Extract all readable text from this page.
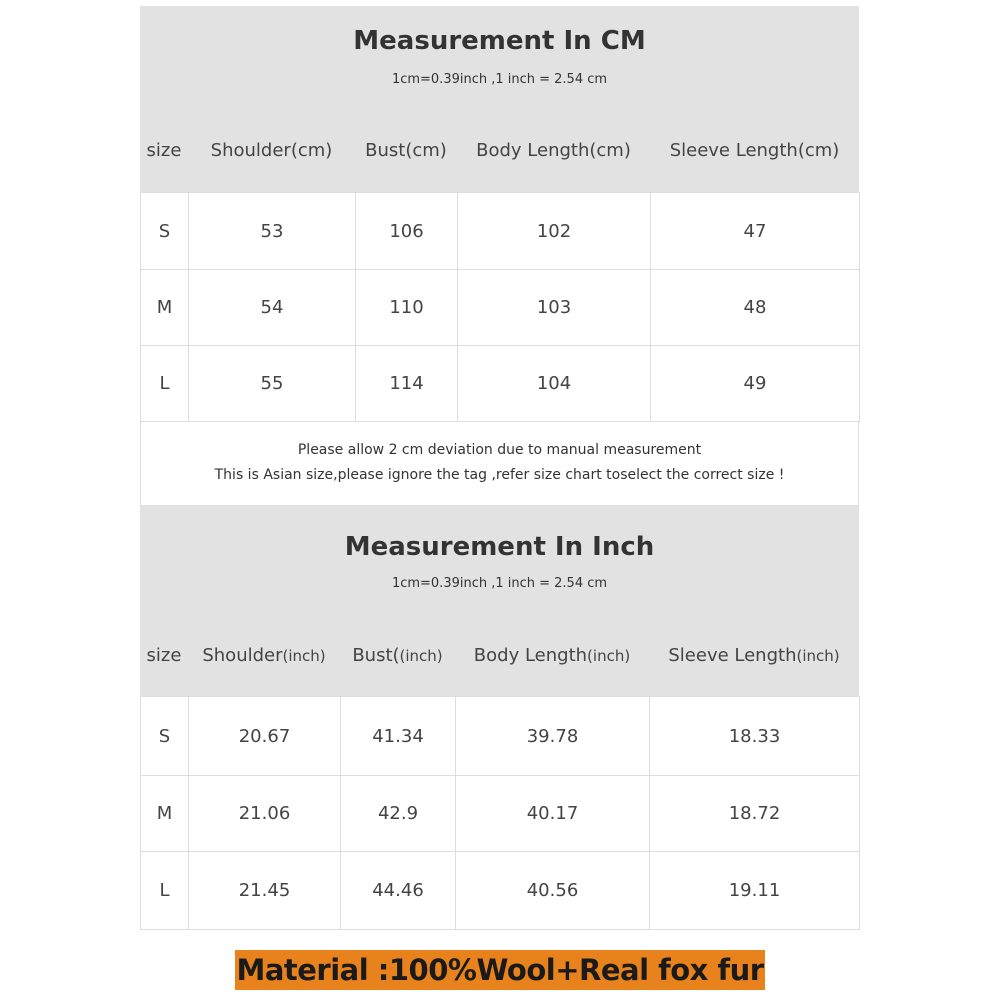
Measurement In CM
1cm=0.39inch ,1 inch = 2.54 cm
size	Shoulder(cm)	Bust(cm)	Body Length(cm)	Sleeve Length(cm)
S	53	106	102	47
M	54	110	103	48
L	55	114	104	49
Please allow 2 cm deviation due to manual measurement
This is Asian size,please ignore the tag ,refer size chart toselect the correct size !
Measurement In Inch
1cm=0.39inch ,1 inch = 2.54 cm
size	Shoulder(inch)	Bust((inch)	Body Length(inch)	Sleeve Length(inch)
S	20.67	41.34	39.78	18.33
M	21.06	42.9	40.17	18.72
L	21.45	44.46	40.56	19.11
Material :100%Wool+Real fox fur
